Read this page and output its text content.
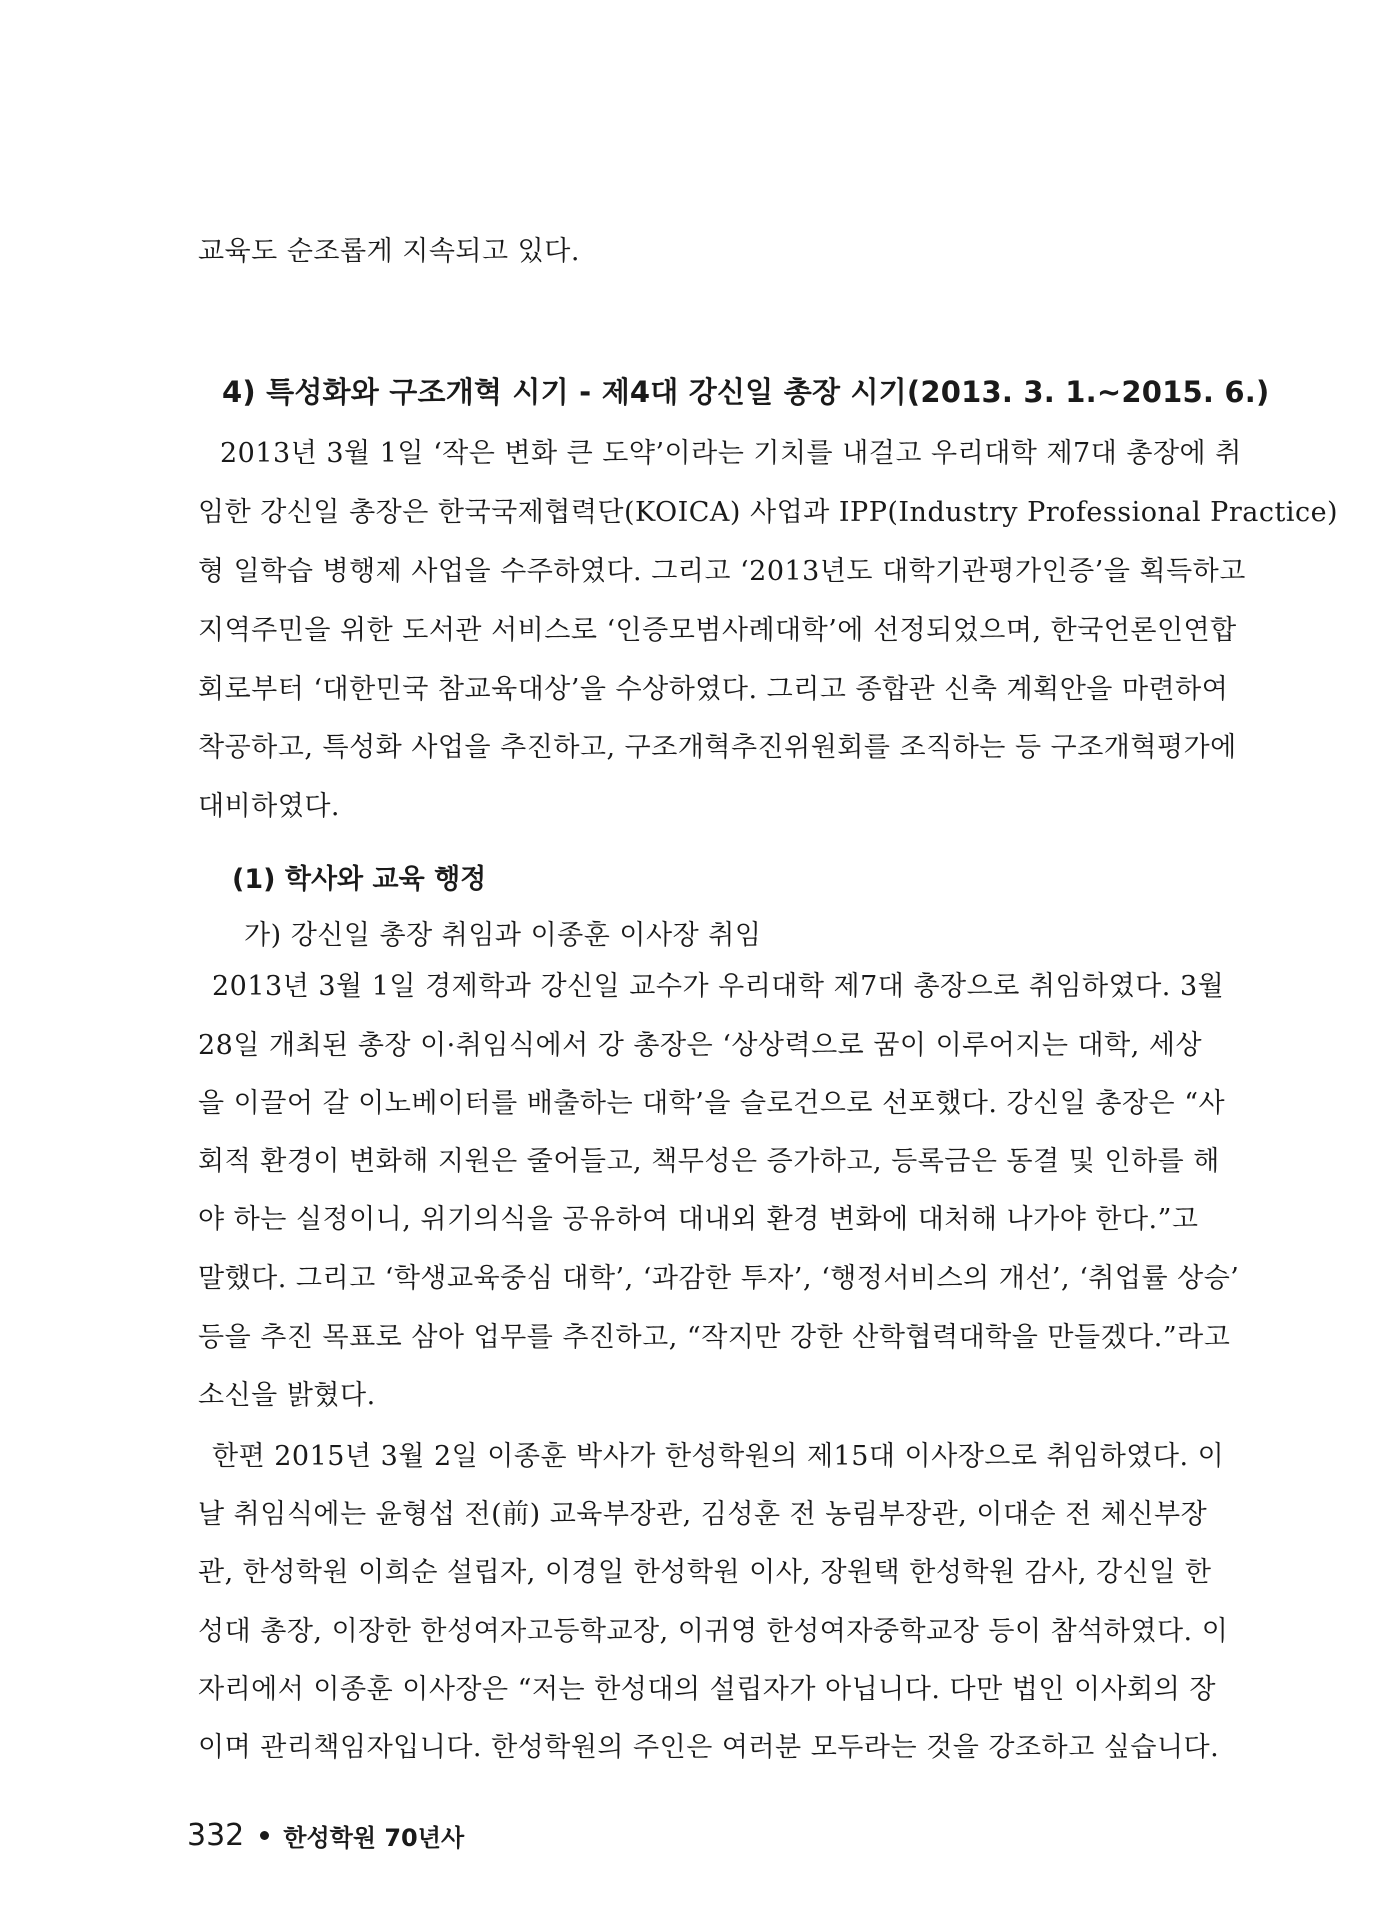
교육도 순조롭게 지속되고 있다.
4) 특성화와 구조개혁 시기 - 제4대 강신일 총장 시기(2013. 3. 1.~2015. 6.)
2013년 3월 1일 ‘작은 변화 큰 도약’이라는 기치를 내걸고 우리대학 제7대 총장에 취
임한 강신일 총장은 한국국제협력단(KOICA) 사업과 IPP(Industry Professional Practice)
형 일학습 병행제 사업을 수주하였다. 그리고 ‘2013년도 대학기관평가인증’을 획득하고
지역주민을 위한 도서관 서비스로 ‘인증모범사례대학’에 선정되었으며, 한국언론인연합
회로부터 ‘대한민국 참교육대상’을 수상하였다. 그리고 종합관 신축 계획안을 마련하여
착공하고, 특성화 사업을 추진하고, 구조개혁추진위원회를 조직하는 등 구조개혁평가에
대비하였다.
(1) 학사와 교육 행정
가) 강신일 총장 취임과 이종훈 이사장 취임
2013년 3월 1일 경제학과 강신일 교수가 우리대학 제7대 총장으로 취임하였다. 3월
28일 개최된 총장 이·취임식에서 강 총장은 ‘상상력으로 꿈이 이루어지는 대학, 세상
을 이끌어 갈 이노베이터를 배출하는 대학’을 슬로건으로 선포했다. 강신일 총장은 “사
회적 환경이 변화해 지원은 줄어들고, 책무성은 증가하고, 등록금은 동결 및 인하를 해
야 하는 실정이니, 위기의식을 공유하여 대내외 환경 변화에 대처해 나가야 한다.”고
말했다. 그리고 ‘학생교육중심 대학’, ‘과감한 투자’, ‘행정서비스의 개선’, ‘취업률 상승’
등을 추진 목표로 삼아 업무를 추진하고, “작지만 강한 산학협력대학을 만들겠다.”라고
소신을 밝혔다.
한편 2015년 3월 2일 이종훈 박사가 한성학원의 제15대 이사장으로 취임하였다. 이
날 취임식에는 윤형섭 전(前) 교육부장관, 김성훈 전 농림부장관, 이대순 전 체신부장
관, 한성학원 이희순 설립자, 이경일 한성학원 이사, 장원택 한성학원 감사, 강신일 한
성대 총장, 이장한 한성여자고등학교장, 이귀영 한성여자중학교장 등이 참석하였다. 이
자리에서 이종훈 이사장은 “저는 한성대의 설립자가 아닙니다. 다만 법인 이사회의 장
이며 관리책임자입니다. 한성학원의 주인은 여러분 모두라는 것을 강조하고 싶습니다.
332 한성학원 70년사
